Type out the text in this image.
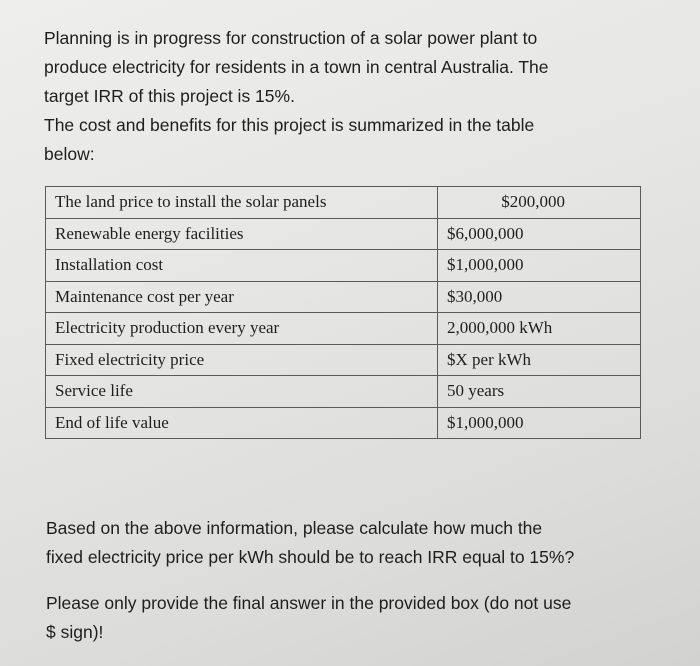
Planning is in progress for construction of a solar power plant to

produce electricity for residents in a town in central Australia. The

target IRR of this project is 15%.

The cost and benefits for this project is summarized in the table

below:

The land price to install the solar panels	$200,000
Renewable energy facilities	$6,000,000
Installation cost	$1,000,000
Maintenance cost per year	$30,000
Electricity production every year	2,000,000 kWh
Fixed electricity price	$X per kWh
Service life	50 years
End of life value	$1,000,000

Based on the above information, please calculate how much the
fixed electricity price per kWh should be to reach IRR equal to 15%?

Please only provide the final answer in the provided box (do not use
$ sign)!
